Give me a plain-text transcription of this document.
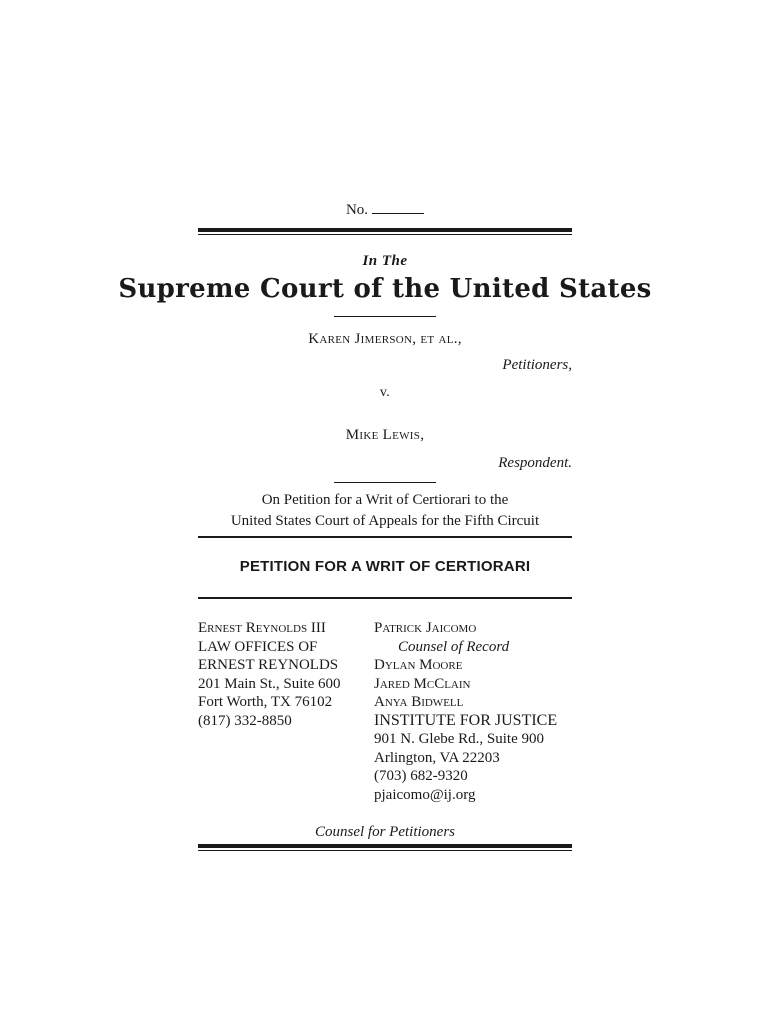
No.
In The
Supreme Court of the United States
Karen Jimerson, et al.,
Petitioners,
v.
Mike Lewis,
Respondent.
On Petition for a Writ of Certiorari to the
United States Court of Appeals for the Fifth Circuit
PETITION FOR A WRIT OF CERTIORARI
Ernest Reynolds III
LAW OFFICES OF
ERNEST REYNOLDS
201 Main St., Suite 600
Fort Worth, TX 76102
(817) 332-8850
Patrick Jaicomo
Counsel of Record
Dylan Moore
Jared McClain
Anya Bidwell
INSTITUTE FOR JUSTICE
901 N. Glebe Rd., Suite 900
Arlington, VA 22203
(703) 682-9320
pjaicomo@ij.org
Counsel for Petitioners
